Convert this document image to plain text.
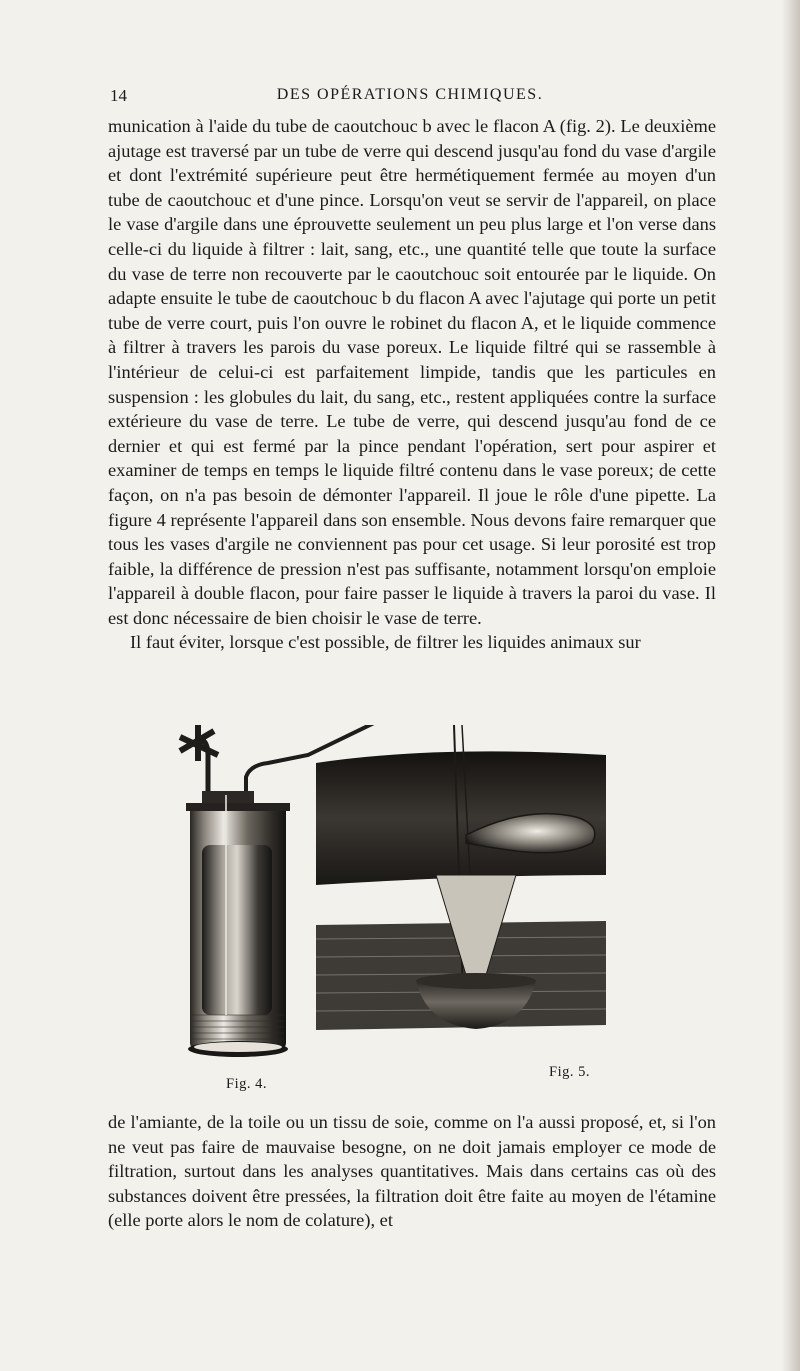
14	DES OPÉRATIONS CHIMIQUES.

munication à l'aide du tube de caoutchouc b avec le flacon A (fig. 2). Le deuxième ajutage est traversé par un tube de verre qui descend jusqu'au fond du vase d'argile et dont l'extrémité supérieure peut être hermétiquement fermée au moyen d'un tube de caoutchouc et d'une pince. Lorsqu'on veut se servir de l'appareil, on place le vase d'argile dans une éprouvette seulement un peu plus large et l'on verse dans celle-ci du liquide à filtrer : lait, sang, etc., une quantité telle que toute la surface du vase de terre non recouverte par le caoutchouc soit entourée par le liquide. On adapte ensuite le tube de caoutchouc b du flacon A avec l'ajutage qui porte un petit tube de verre court, puis l'on ouvre le robinet du flacon A, et le liquide commence à filtrer à travers les parois du vase poreux. Le liquide filtré qui se rassemble à l'intérieur de celui-ci est parfaitement limpide, tandis que les particules en suspension : les globules du lait, du sang, etc., restent appliquées contre la surface extérieure du vase de terre. Le tube de verre, qui descend jusqu'au fond de ce dernier et qui est fermé par la pince pendant l'opération, sert pour aspirer et examiner de temps en temps le liquide filtré contenu dans le vase poreux; de cette façon, on n'a pas besoin de démonter l'appareil. Il joue le rôle d'une pipette. La figure 4 représente l'appareil dans son ensemble. Nous devons faire remarquer que tous les vases d'argile ne conviennent pas pour cet usage. Si leur porosité est trop faible, la différence de pression n'est pas suffisante, notamment lorsqu'on emploie l'appareil à double flacon, pour faire passer le liquide à travers la paroi du vase. Il est donc nécessaire de bien choisir le vase de terre.

Il faut éviter, lorsque c'est possible, de filtrer les liquides animaux sur

Fig. 4.
Fig. 5.

de l'amiante, de la toile ou un tissu de soie, comme on l'a aussi proposé, et, si l'on ne veut pas faire de mauvaise besogne, on ne doit jamais employer ce mode de filtration, surtout dans les analyses quantitatives. Mais dans certains cas où des substances doivent être pressées, la filtration doit être faite au moyen de l'étamine (elle porte alors le nom de colature), et
